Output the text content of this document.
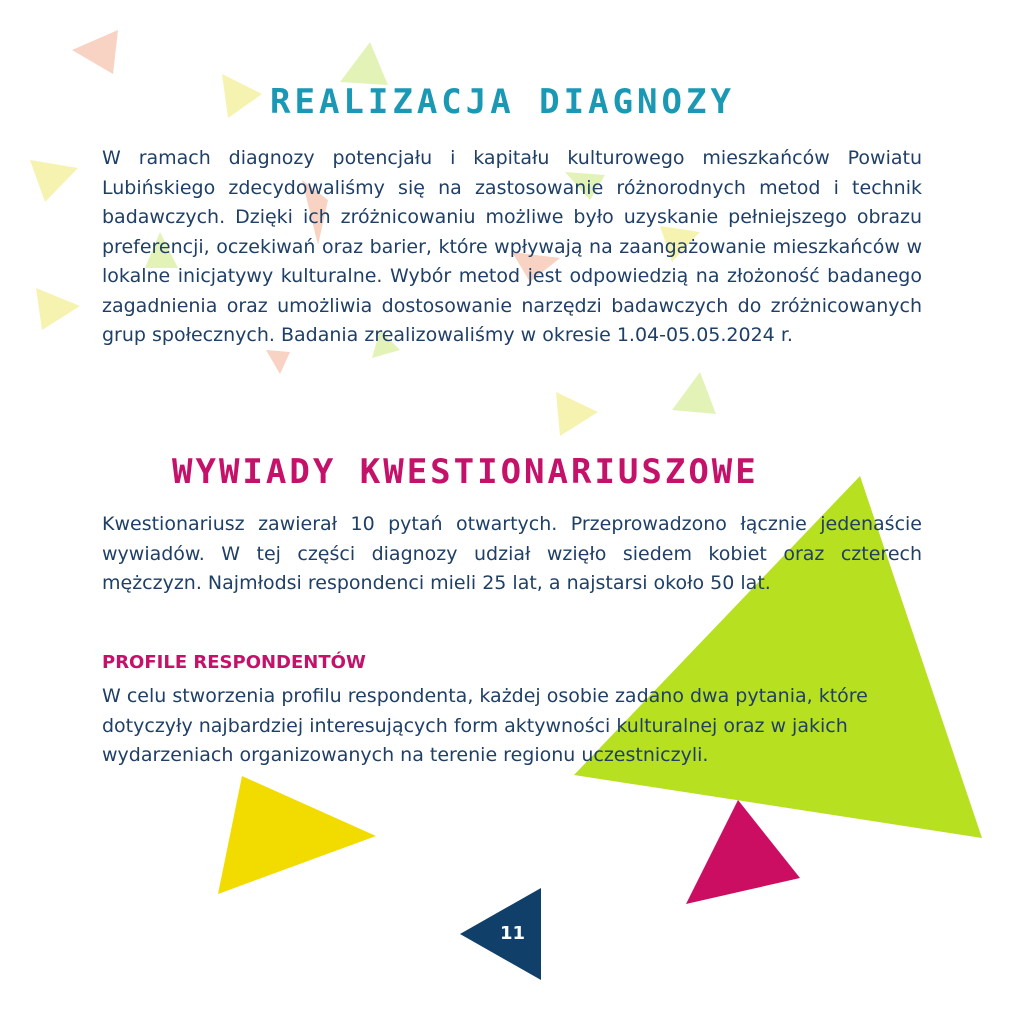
REALIZACJA DIAGNOZY

W ramach diagnozy potencjału i kapitału kulturowego mieszkańców Powiatu Lubińskiego zdecydowaliśmy się na zastosowanie różnorodnych metod i technik badawczych. Dzięki ich zróżnicowaniu możliwe było uzyskanie pełniejszego obrazu preferencji, oczekiwań oraz barier, które wpływają na zaangażowanie mieszkańców w lokalne inicjatywy kulturalne. Wybór metod jest odpowiedzią na złożoność badanego zagadnienia oraz umożliwia dostosowanie narzędzi badawczych do zróżnicowanych grup społecznych. Badania zrealizowaliśmy w okresie 1.04-05.05.2024 r.

WYWIADY KWESTIONARIUSZOWE

Kwestionariusz zawierał 10 pytań otwartych. Przeprowadzono łącznie jedenaście wywiadów. W tej części diagnozy udział wzięło siedem kobiet oraz czterech mężczyzn. Najmłodsi respondenci mieli 25 lat, a najstarsi około 50 lat.

PROFILE RESPONDENTÓW

W celu stworzenia profilu respondenta, każdej osobie zadano dwa pytania, które dotyczyły najbardziej interesujących form aktywności kulturalnej oraz w jakich wydarzeniach organizowanych na terenie regionu uczestniczyli.

11
